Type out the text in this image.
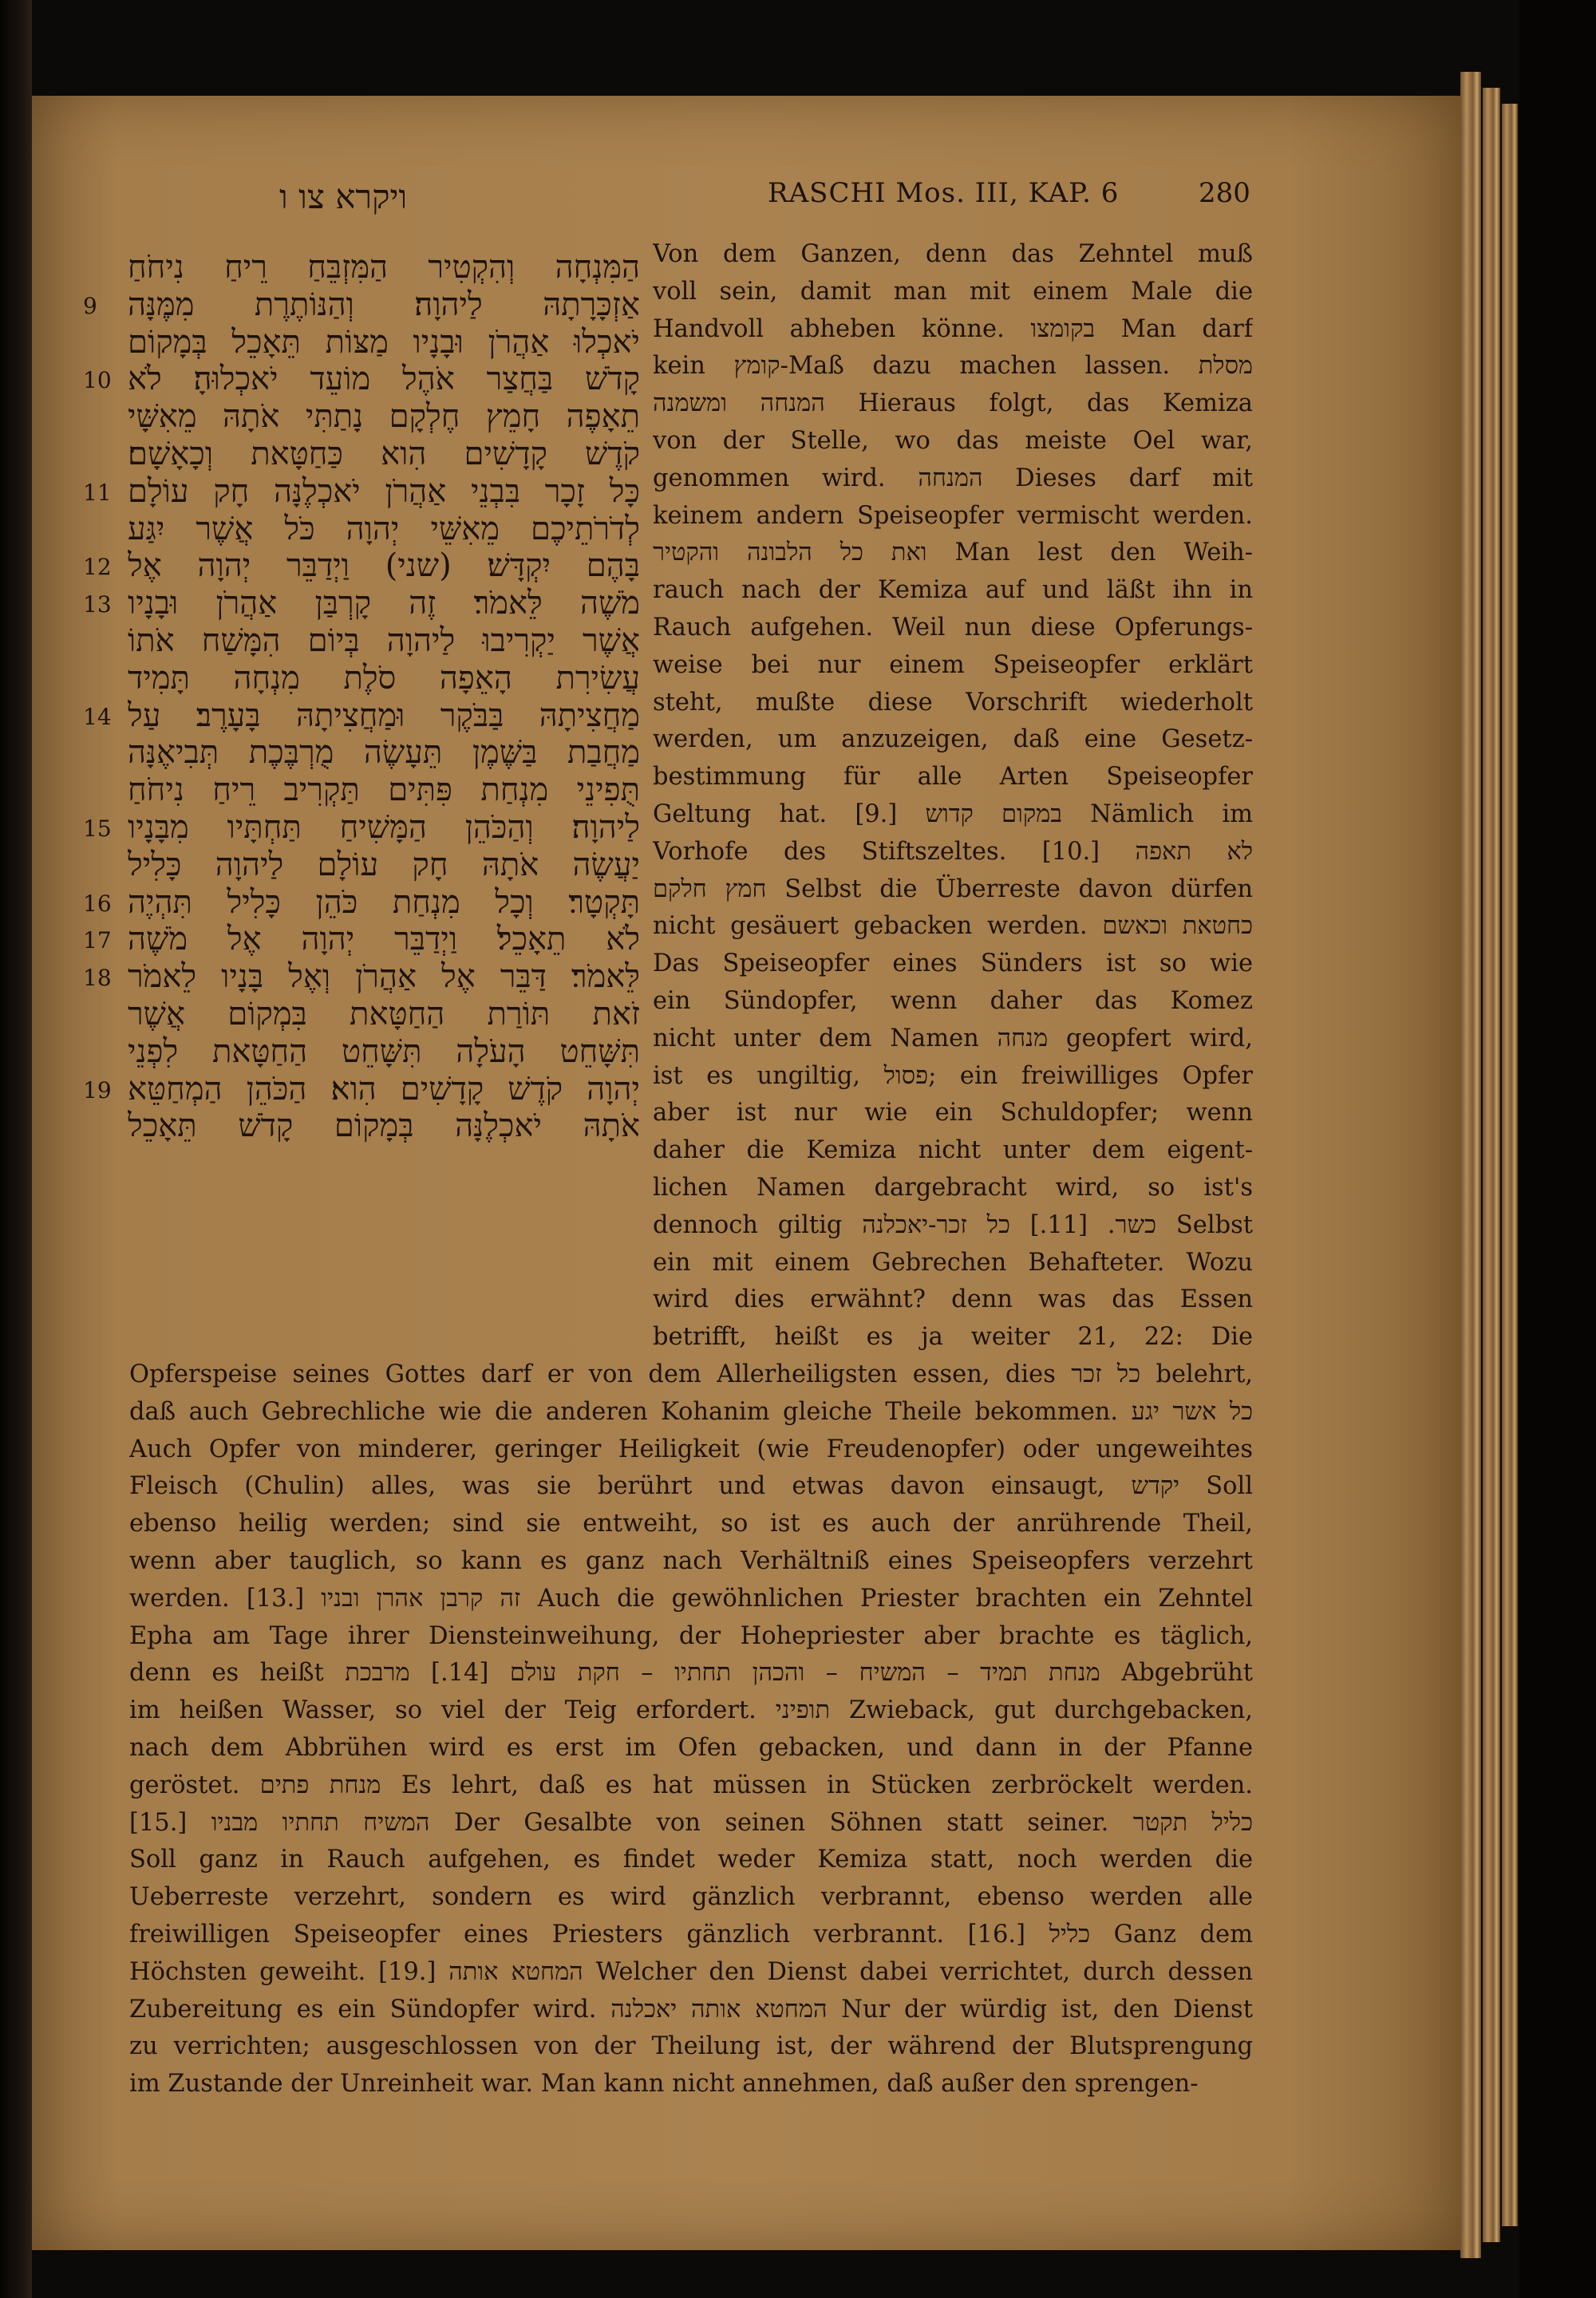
ויקרא צו ו	RASCHI Mos. III, KAP. 6	280
הַמִּנְחָה וְהִקְטִיר הַמִּזְבֵּחַ רֵיחַ נִיחֹחַ
אַזְכָּרָתָהּ לַיהוָה׃ וְהַנּוֹתֶרֶת מִמֶּנָּה
יֹאכְלוּ אַהֲרֹן וּבָנָיו מַצּוֹת תֵּאָכֵל בְּמָקוֹם
קָדֹשׁ בַּחֲצַר אֹהֶל מוֹעֵד יֹאכְלוּהָ׃ לֹא
תֵאָפֶה חָמֵץ חֶלְקָם נָתַתִּי אֹתָהּ מֵאִשָּׁי
קֹדֶשׁ קָדָשִׁים הִוא כַּחַטָּאת וְכָאָשָׁם׃
כָּל זָכָר בִּבְנֵי אַהֲרֹן יֹאכְלֶנָּה חָק עוֹלָם
לְדֹרֹתֵיכֶם מֵאִשֵּׁי יְהוָה כֹּל אֲשֶׁר יִגַּע
בָּהֶם יִקְדָּשׁ׃ (שני) וַיְדַבֵּר יְהוָה אֶל
מֹשֶׁה לֵּאמֹר׃ זֶה קָרְבַּן אַהֲרֹן וּבָנָיו
אֲשֶׁר יַקְרִיבוּ לַיהוָה בְּיוֹם הִמָּשַׁח אֹתוֹ
עֲשִׂירִת הָאֵפָה סֹלֶת מִנְחָה תָּמִיד
מַחֲצִיתָהּ בַּבֹּקֶר וּמַחֲצִיתָהּ בָּעָרֶב׃ עַל
מַחֲבַת בַּשֶּׁמֶן תֵּעָשֶׂה מֻרְבֶּכֶת תְּבִיאֶנָּה
תֻּפִינֵי מִנְחַת פִּתִּים תַּקְרִיב רֵיחַ נִיחֹחַ
לַיהוָה׃ וְהַכֹּהֵן הַמָּשִׁיחַ תַּחְתָּיו מִבָּנָיו
יַעֲשֶׂה אֹתָהּ חָק עוֹלָם לַיהוָה כָּלִיל
תָּקְטָר׃ וְכָל מִנְחַת כֹּהֵן כָּלִיל תִּהְיֶה
לֹא תֵאָכֵל׃ וַיְדַבֵּר יְהוָה אֶל מֹשֶׁה
לֵּאמֹר׃ דַּבֵּר אֶל אַהֲרֹן וְאֶל בָּנָיו לֵאמֹר
זֹאת תּוֹרַת הַחַטָּאת בִּמְקוֹם אֲשֶׁר
תִּשָּׁחֵט הָעֹלָה תִּשָּׁחֵט הַחַטָּאת לִפְנֵי
יְהוָה קֹדֶשׁ קָדָשִׁים הִוא׃ הַכֹּהֵן הַמְחַטֵּא
אֹתָהּ יֹאכְלֶנָּה בְּמָקוֹם קָדֹשׁ תֵּאָכֵל
9
10
11
12
13
14
15
16
17
18
19
Von dem Ganzen, denn das Zehntel muß
voll sein, damit man mit einem Male die
Handvoll abheben könne. בקומצו Man darf
kein קומץ-Maß dazu machen lassen. מסלת
המנחה ומשמנה Hieraus folgt, das Kemiza
von der Stelle, wo das meiste Oel war,
genommen wird. המנחה Dieses darf mit
keinem andern Speiseopfer vermischt werden.
ואת כל הלבונה והקטיר Man lest den Weih-
rauch nach der Kemiza auf und läßt ihn in
Rauch aufgehen. Weil nun diese Opferungs-
weise bei nur einem Speiseopfer erklärt
steht, mußte diese Vorschrift wiederholt
werden, um anzuzeigen, daß eine Gesetz-
bestimmung für alle Arten Speiseopfer
Geltung hat. [9.] במקום קדוש Nämlich im
Vorhofe des Stiftszeltes. [10.] לא תאפה
חמץ חלקם Selbst die Überreste davon dürfen
nicht gesäuert gebacken werden. כחטאת וכאשם
Das Speiseopfer eines Sünders ist so wie
ein Sündopfer, wenn daher das Komez
nicht unter dem Namen מנחה geopfert wird,
ist es ungiltig, פסול; ein freiwilliges Opfer
aber ist nur wie ein Schuldopfer; wenn
daher die Kemiza nicht unter dem eigent-
lichen Namen dargebracht wird, so ist's
dennoch giltig כשר. [11.] כל זכר-יאכלנה Selbst
ein mit einem Gebrechen Behafteter. Wozu
wird dies erwähnt? denn was das Essen
betrifft, heißt es ja weiter 21, 22: Die
Opferspeise seines Gottes darf er von dem Allerheiligsten essen, dies כל זכר belehrt,
daß auch Gebrechliche wie die anderen Kohanim gleiche Theile bekommen. כל אשר יגע
Auch Opfer von minderer, geringer Heiligkeit (wie Freudenopfer) oder ungeweihtes
Fleisch (Chulin) alles, was sie berührt und etwas davon einsaugt, יקדש Soll
ebenso heilig werden; sind sie entweiht, so ist es auch der anrührende Theil,
wenn aber tauglich, so kann es ganz nach Verhältniß eines Speiseopfers verzehrt
werden. [13.] זה קרבן אהרן ובניו Auch die gewöhnlichen Priester brachten ein Zehntel
Epha am Tage ihrer Diensteinweihung, der Hohepriester aber brachte es täglich,
denn es heißt מנחת תמיד – המשיח – והכהן תחתיו – חקת עולם [14.] מרבכת Abgebrüht
im heißen Wasser, so viel der Teig erfordert. תופיני Zwieback, gut durchgebacken,
nach dem Abbrühen wird es erst im Ofen gebacken, und dann in der Pfanne
geröstet. מנחת פתים Es lehrt, daß es hat müssen in Stücken zerbröckelt werden.
[15.] המשיח תחתיו מבניו Der Gesalbte von seinen Söhnen statt seiner. כליל תקטר
Soll ganz in Rauch aufgehen, es findet weder Kemiza statt, noch werden die
Ueberreste verzehrt, sondern es wird gänzlich verbrannt, ebenso werden alle
freiwilligen Speiseopfer eines Priesters gänzlich verbrannt. [16.] כליל Ganz dem
Höchsten geweiht. [19.] המחטא אותה Welcher den Dienst dabei verrichtet, durch dessen
Zubereitung es ein Sündopfer wird. המחטא אותה יאכלנה Nur der würdig ist, den Dienst
zu verrichten; ausgeschlossen von der Theilung ist, der während der Blutsprengung
im Zustande der Unreinheit war. Man kann nicht annehmen, daß außer den sprengen-
